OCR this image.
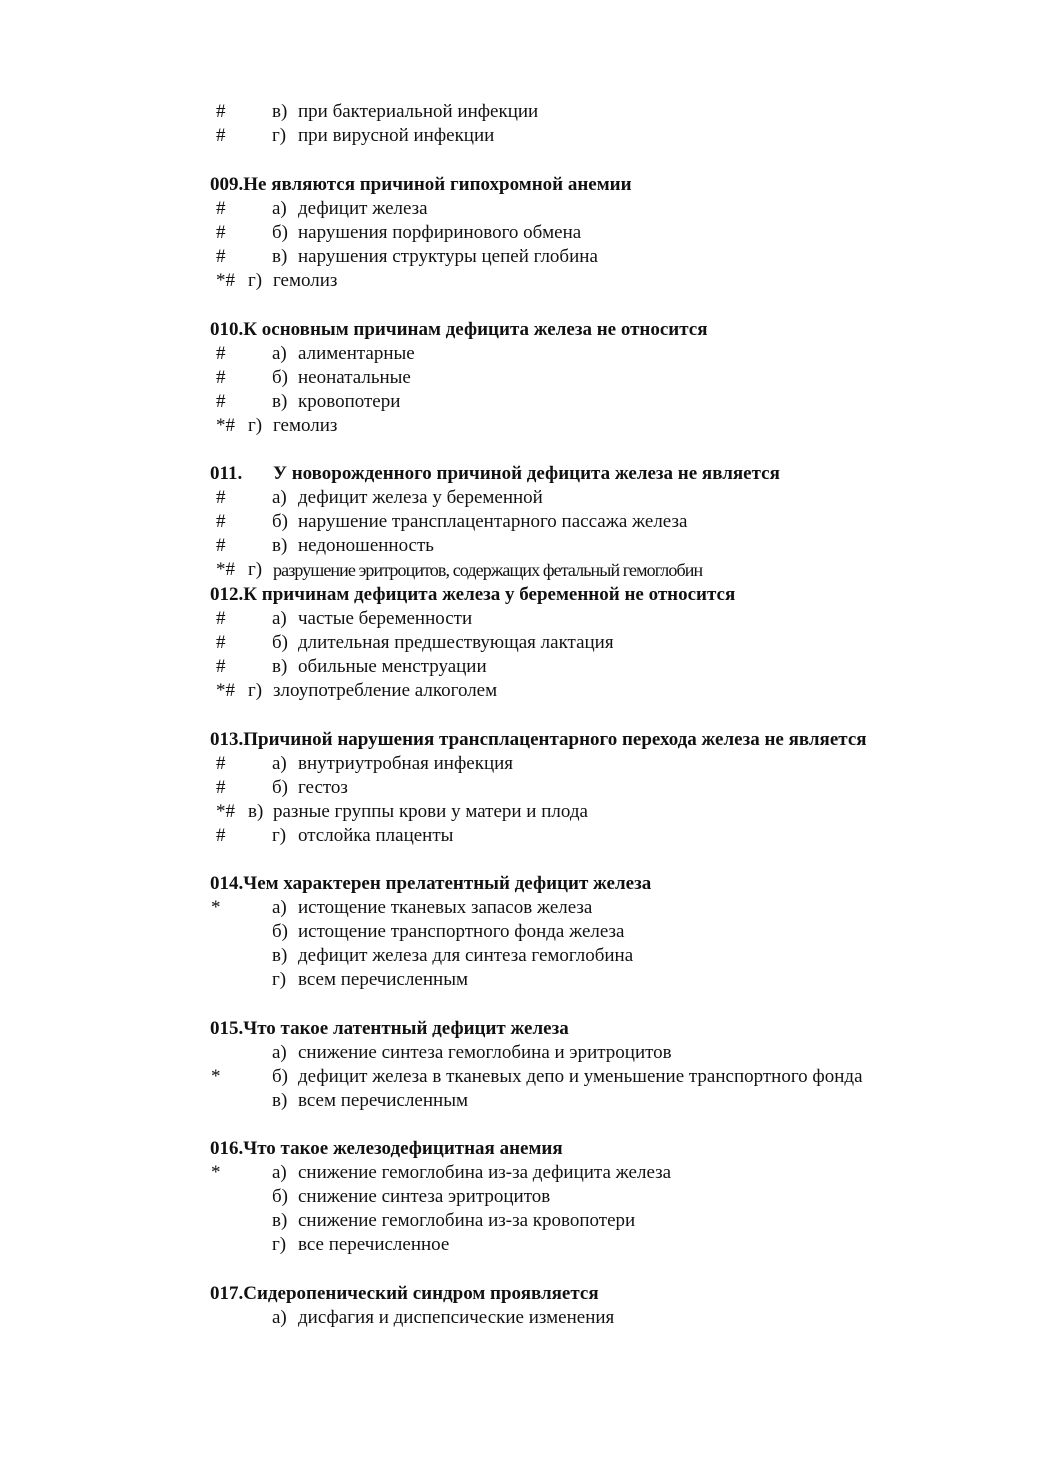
# в) при бактериальной инфекции
# г) при вирусной инфекции
009.Не являются причиной гипохромной анемии
# а) дефицит железа
# б) нарушения порфиринового обмена
# в) нарушения структуры цепей глобина
*# г) гемолиз
010.К основным причинам дефицита железа не относится
# а) алиментарные
# б) неонатальные
# в) кровопотери
*# г) гемолиз
011. У новорожденного причиной дефицита железа не является
# а) дефицит железа у беременной
# б) нарушение трансплацентарного пассажа железа
# в) недоношенность
*# г) разрушение эритроцитов, содержащих фетальный гемоглобин
012.К причинам дефицита железа у беременной не относится
# а) частые беременности
# б) длительная предшествующая лактация
# в) обильные менструации
*# г) злоупотребление алкоголем
013.Причиной нарушения трансплацентарного перехода железа не является
# а) внутриутробная инфекция
# б) гестоз
*# в) разные группы крови у матери и плода
# г) отслойка плаценты
014.Чем характерен прелатентный дефицит железа
*	а) истощение тканевых запасов железа
б) истощение транспортного фонда железа
в) дефицит железа для синтеза гемоглобина
г) всем перечисленным
015.Что такое латентный дефицит железа
а) снижение синтеза гемоглобина и эритроцитов
*	б) дефицит железа в тканевых депо и уменьшение транспортного фонда
в) всем перечисленным
016.Что такое железодефицитная анемия
*	а) снижение гемоглобина из-за дефицита железа
б) снижение синтеза эритроцитов
в) снижение гемоглобина из-за кровопотери
г) все перечисленное
017.Сидеропенический синдром проявляется
а) дисфагия и диспепсические изменения
